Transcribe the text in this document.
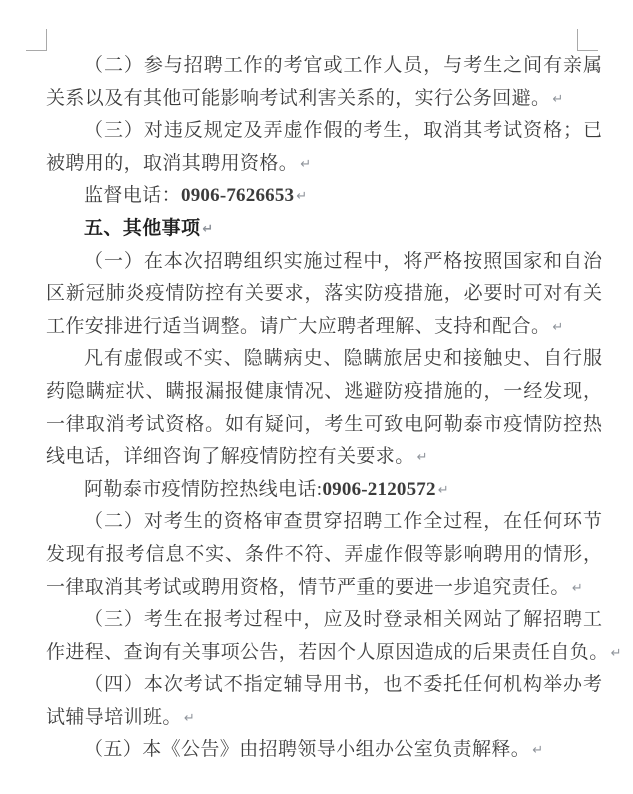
（二）参与招聘工作的考官或工作人员，与考生之间有亲属
关系以及有其他可能影响考试利害关系的，实行公务回避。 ↵
（三）对违反规定及弄虚作假的考生，取消其考试资格；已
被聘用的，取消其聘用资格。 ↵
监督电话：0906-7626653 ↵
五、其他事项 ↵
（一）在本次招聘组织实施过程中，将严格按照国家和自治
区新冠肺炎疫情防控有关要求，落实防疫措施，必要时可对有关
工作安排进行适当调整。请广大应聘者理解、支持和配合。 ↵
凡有虚假或不实、隐瞒病史、隐瞒旅居史和接触史、自行服
药隐瞒症状、瞒报漏报健康情况、逃避防疫措施的，一经发现，
一律取消考试资格。如有疑问，考生可致电阿勒泰市疫情防控热
线电话，详细咨询了解疫情防控有关要求。 ↵
阿勒泰市疫情防控热线电话:0906-2120572 ↵
（二）对考生的资格审查贯穿招聘工作全过程，在任何环节
发现有报考信息不实、条件不符、弄虚作假等影响聘用的情形，
一律取消其考试或聘用资格，情节严重的要进一步追究责任。 ↵
（三）考生在报考过程中，应及时登录相关网站了解招聘工
作进程、查询有关事项公告，若因个人原因造成的后果责任自负。 ↵
（四）本次考试不指定辅导用书，也不委托任何机构举办考
试辅导培训班。 ↵
（五）本《公告》由招聘领导小组办公室负责解释。 ↵
